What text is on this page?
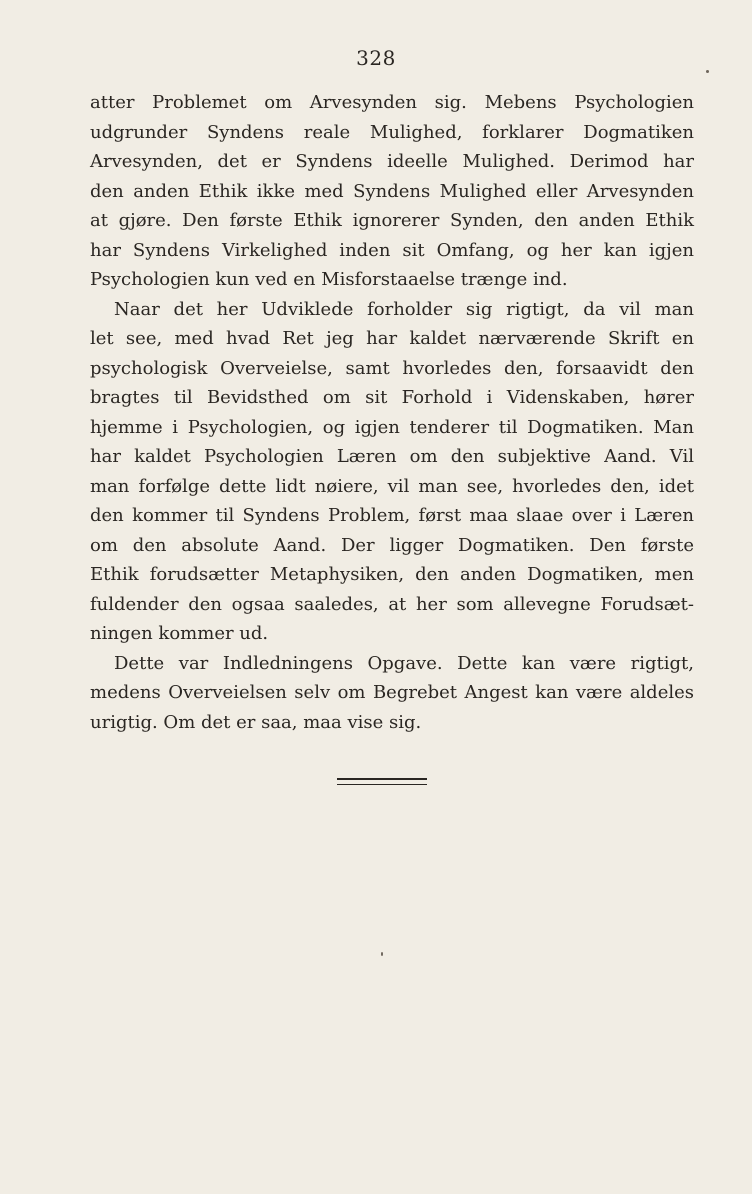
328
atter Problemet om Arvesynden sig. Mebens Psychologien
udgrunder Syndens reale Mulighed, forklarer Dogmatiken
Arvesynden, det er Syndens ideelle Mulighed. Derimod har
den anden Ethik ikke med Syndens Mulighed eller Arvesynden
at gjøre. Den første Ethik ignorerer Synden, den anden Ethik
har Syndens Virkelighed inden sit Omfang, og her kan igjen
Psychologien kun ved en Misforstaaelse trænge ind.
Naar det her Udviklede forholder sig rigtigt, da vil man
let see, med hvad Ret jeg har kaldet nærværende Skrift en
psychologisk Overveielse, samt hvorledes den, forsaavidt den
bragtes til Bevidsthed om sit Forhold i Videnskaben, hører
hjemme i Psychologien, og igjen tenderer til Dogmatiken. Man
har kaldet Psychologien Læren om den subjektive Aand. Vil
man forfølge dette lidt nøiere, vil man see, hvorledes den, idet
den kommer til Syndens Problem, først maa slaae over i Læren
om den absolute Aand. Der ligger Dogmatiken. Den første
Ethik forudsætter Metaphysiken, den anden Dogmatiken, men
fuldender den ogsaa saaledes, at her som allevegne Forudsæt-
ningen kommer ud.
Dette var Indledningens Opgave. Dette kan være rigtigt,
medens Overveielsen selv om Begrebet Angest kan være aldeles
urigtig. Om det er saa, maa vise sig.
